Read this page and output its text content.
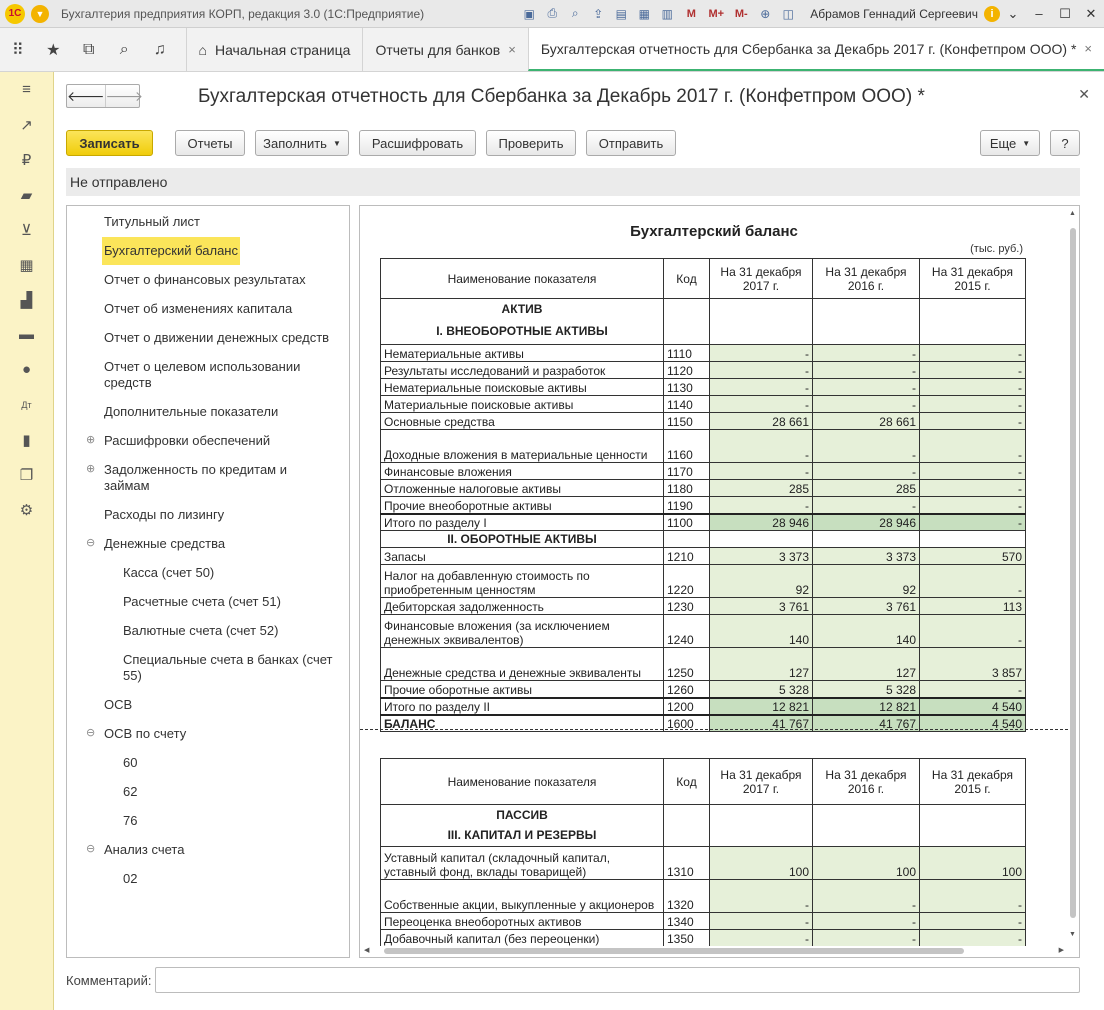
1С	▼	Бухгалтерия предприятия КОРП, редакция 3.0 (1С:Предприятие)	▣	⎙	⌕	⇪	▤ ▦ ▥	M	M+ M-	⊕	◫	Абрамов Геннадий Сергеевич	i	⌄	–	☐	✕
⠿	★	⧉	⌕	♫	⌂ Начальная страница Отчеты для банков × Бухгалтерская отчетность для Сбербанка за Декабрь 2017 г. (Конфетпром ООО) * ×
≡
↗
₽
▰
⊻
▦
▟
▬
●
Дт
▮
❐
⚙
🡐 🡒	Бухгалтерская отчетность для Сбербанка за Декабрь 2017 г. (Конфетпром ООО) *	✕
Записать	Отчеты	Заполнить ▼	Расшифровать	Проверить	Отправить	Еще ▼	?
Не отправлено
Титульный лист
Бухгалтерский баланс
Отчет о финансовых результатах
Отчет об изменениях капитала
Отчет о движении денежных средств
Отчет о целевом использовании средств
Дополнительные показатели
⊕ Расшифровки обеспечений
⊕ Задолженность по кредитам и займам
Расходы по лизингу
⊖ Денежные средства
Касса (счет 50)
Расчетные счета (счет 51)
Валютные счета (счет 52)
Специальные счета в банках (счет 55)
ОСВ
⊖ ОСВ по счету
60
62
76
⊖ Анализ счета
02
Бухгалтерский баланс
(тыс. руб.)
Наименование показателя	Код	На 31 декабря 2017 г.	На 31 декабря 2016 г.	На 31 декабря 2015 г.
АКТИВ				
I. ВНЕОБОРОТНЫЕ АКТИВЫ				
Нематериальные активы	1110	-	-	-
Результаты исследований и разработок	1120	-	-	-
Нематериальные поисковые активы	1130	-	-	-
Материальные поисковые активы	1140	-	-	-
Основные средства	1150	28 661	28 661	-
Доходные вложения в материальные ценности	1160	-	-	-
Финансовые вложения	1170	-	-	-
Отложенные налоговые активы	1180	285	285	-
Прочие внеоборотные активы	1190	-	-	-
Итого по разделу I	1100	28 946	28 946	-
II. ОБОРОТНЫЕ АКТИВЫ				
Запасы	1210	3 373	3 373	570
Налог на добавленную стоимость по приобретенным ценностям	1220	92	92	-
Дебиторская задолженность	1230	3 761	3 761	113
Финансовые вложения (за исключением денежных эквивалентов)	1240	140	140	-
Денежные средства и денежные эквиваленты	1250	127	127	3 857
Прочие оборотные активы	1260	5 328	5 328	-
Итого по разделу II	1200	12 821	12 821	4 540
БАЛАНС	1600	41 767	41 767	4 540
Наименование показателя	Код	На 31 декабря 2017 г.	На 31 декабря 2016 г.	На 31 декабря 2015 г.
ПАССИВ				
III. КАПИТАЛ И РЕЗЕРВЫ				
Уставный капитал (складочный капитал, уставный фонд, вклады товарищей)	1310	100	100	100
Собственные акции, выкупленные у акционеров	1320	-	-	-
Переоценка внеоборотных активов	1340	-	-	-
Добавочный капитал (без переоценки)	1350	-	-	-
▲
▼
◀	▶
Комментарий:
